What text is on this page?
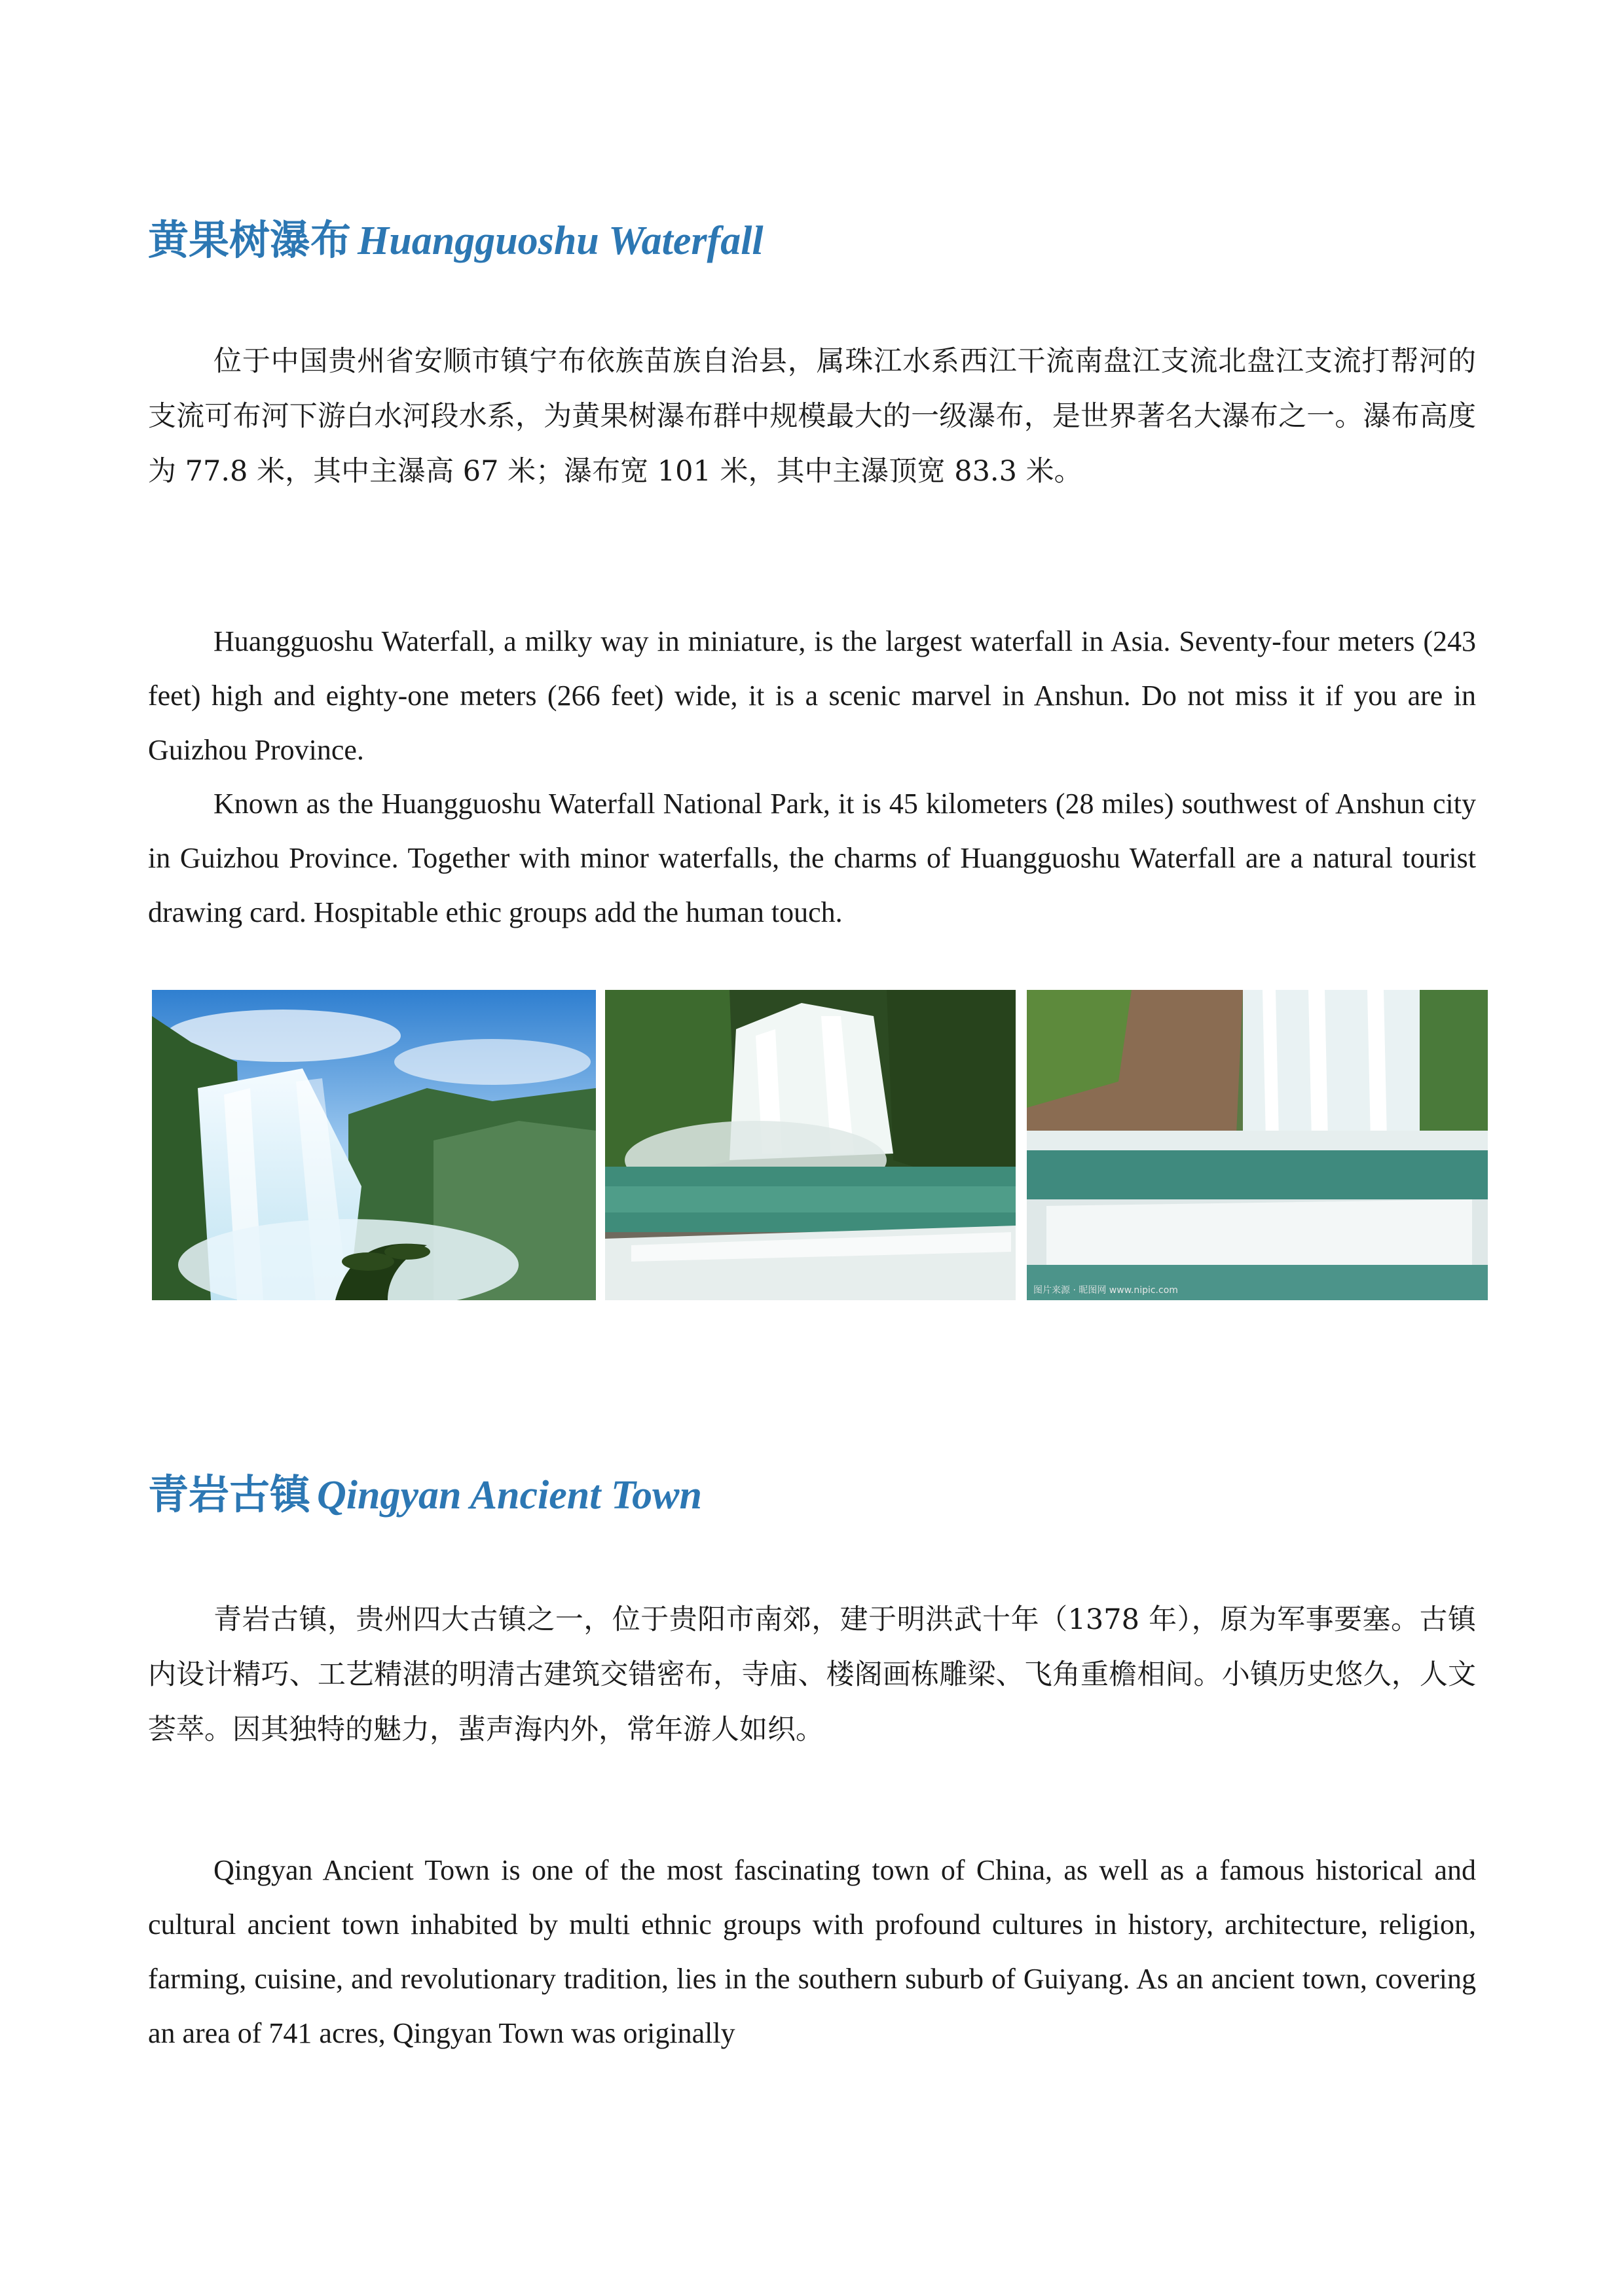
黄果树瀑布 Huangguoshu Waterfall

位于中国贵州省安顺市镇宁布依族苗族自治县，属珠江水系西江干流南盘江支流北盘江支流打帮河的支流可布河下游白水河段水系，为黄果树瀑布群中规模最大的一级瀑布，是世界著名大瀑布之一。瀑布高度为 77.8 米，其中主瀑高 67 米；瀑布宽 101 米，其中主瀑顶宽 83.3 米。

Huangguoshu Waterfall, a milky way in miniature, is the largest waterfall in Asia. Seventy-four meters (243 feet) high and eighty-one meters (266 feet) wide, it is a scenic marvel in Anshun. Do not miss it if you are in Guizhou Province.

Known as the Huangguoshu Waterfall National Park, it is 45 kilometers (28 miles) southwest of Anshun city in Guizhou Province. Together with minor waterfalls, the charms of Huangguoshu Waterfall are a natural tourist drawing card. Hospitable ethic groups add the human touch.

图片来源 · 昵图网 www.nipic.com
青岩古镇 Qingyan Ancient Town

青岩古镇，贵州四大古镇之一，位于贵阳市南郊，建于明洪武十年（1378 年），原为军事要塞。古镇内设计精巧、工艺精湛的明清古建筑交错密布，寺庙、楼阁画栋雕梁、飞角重檐相间。小镇历史悠久，人文荟萃。因其独特的魅力，蜚声海内外，常年游人如织。

Qingyan Ancient Town is one of the most fascinating town of China, as well as a famous historical and cultural ancient town inhabited by multi ethnic groups with profound cultures in history, architecture, religion, farming, cuisine, and revolutionary tradition, lies in the southern suburb of Guiyang. As an ancient town, covering an area of 741 acres, Qingyan Town was originally
